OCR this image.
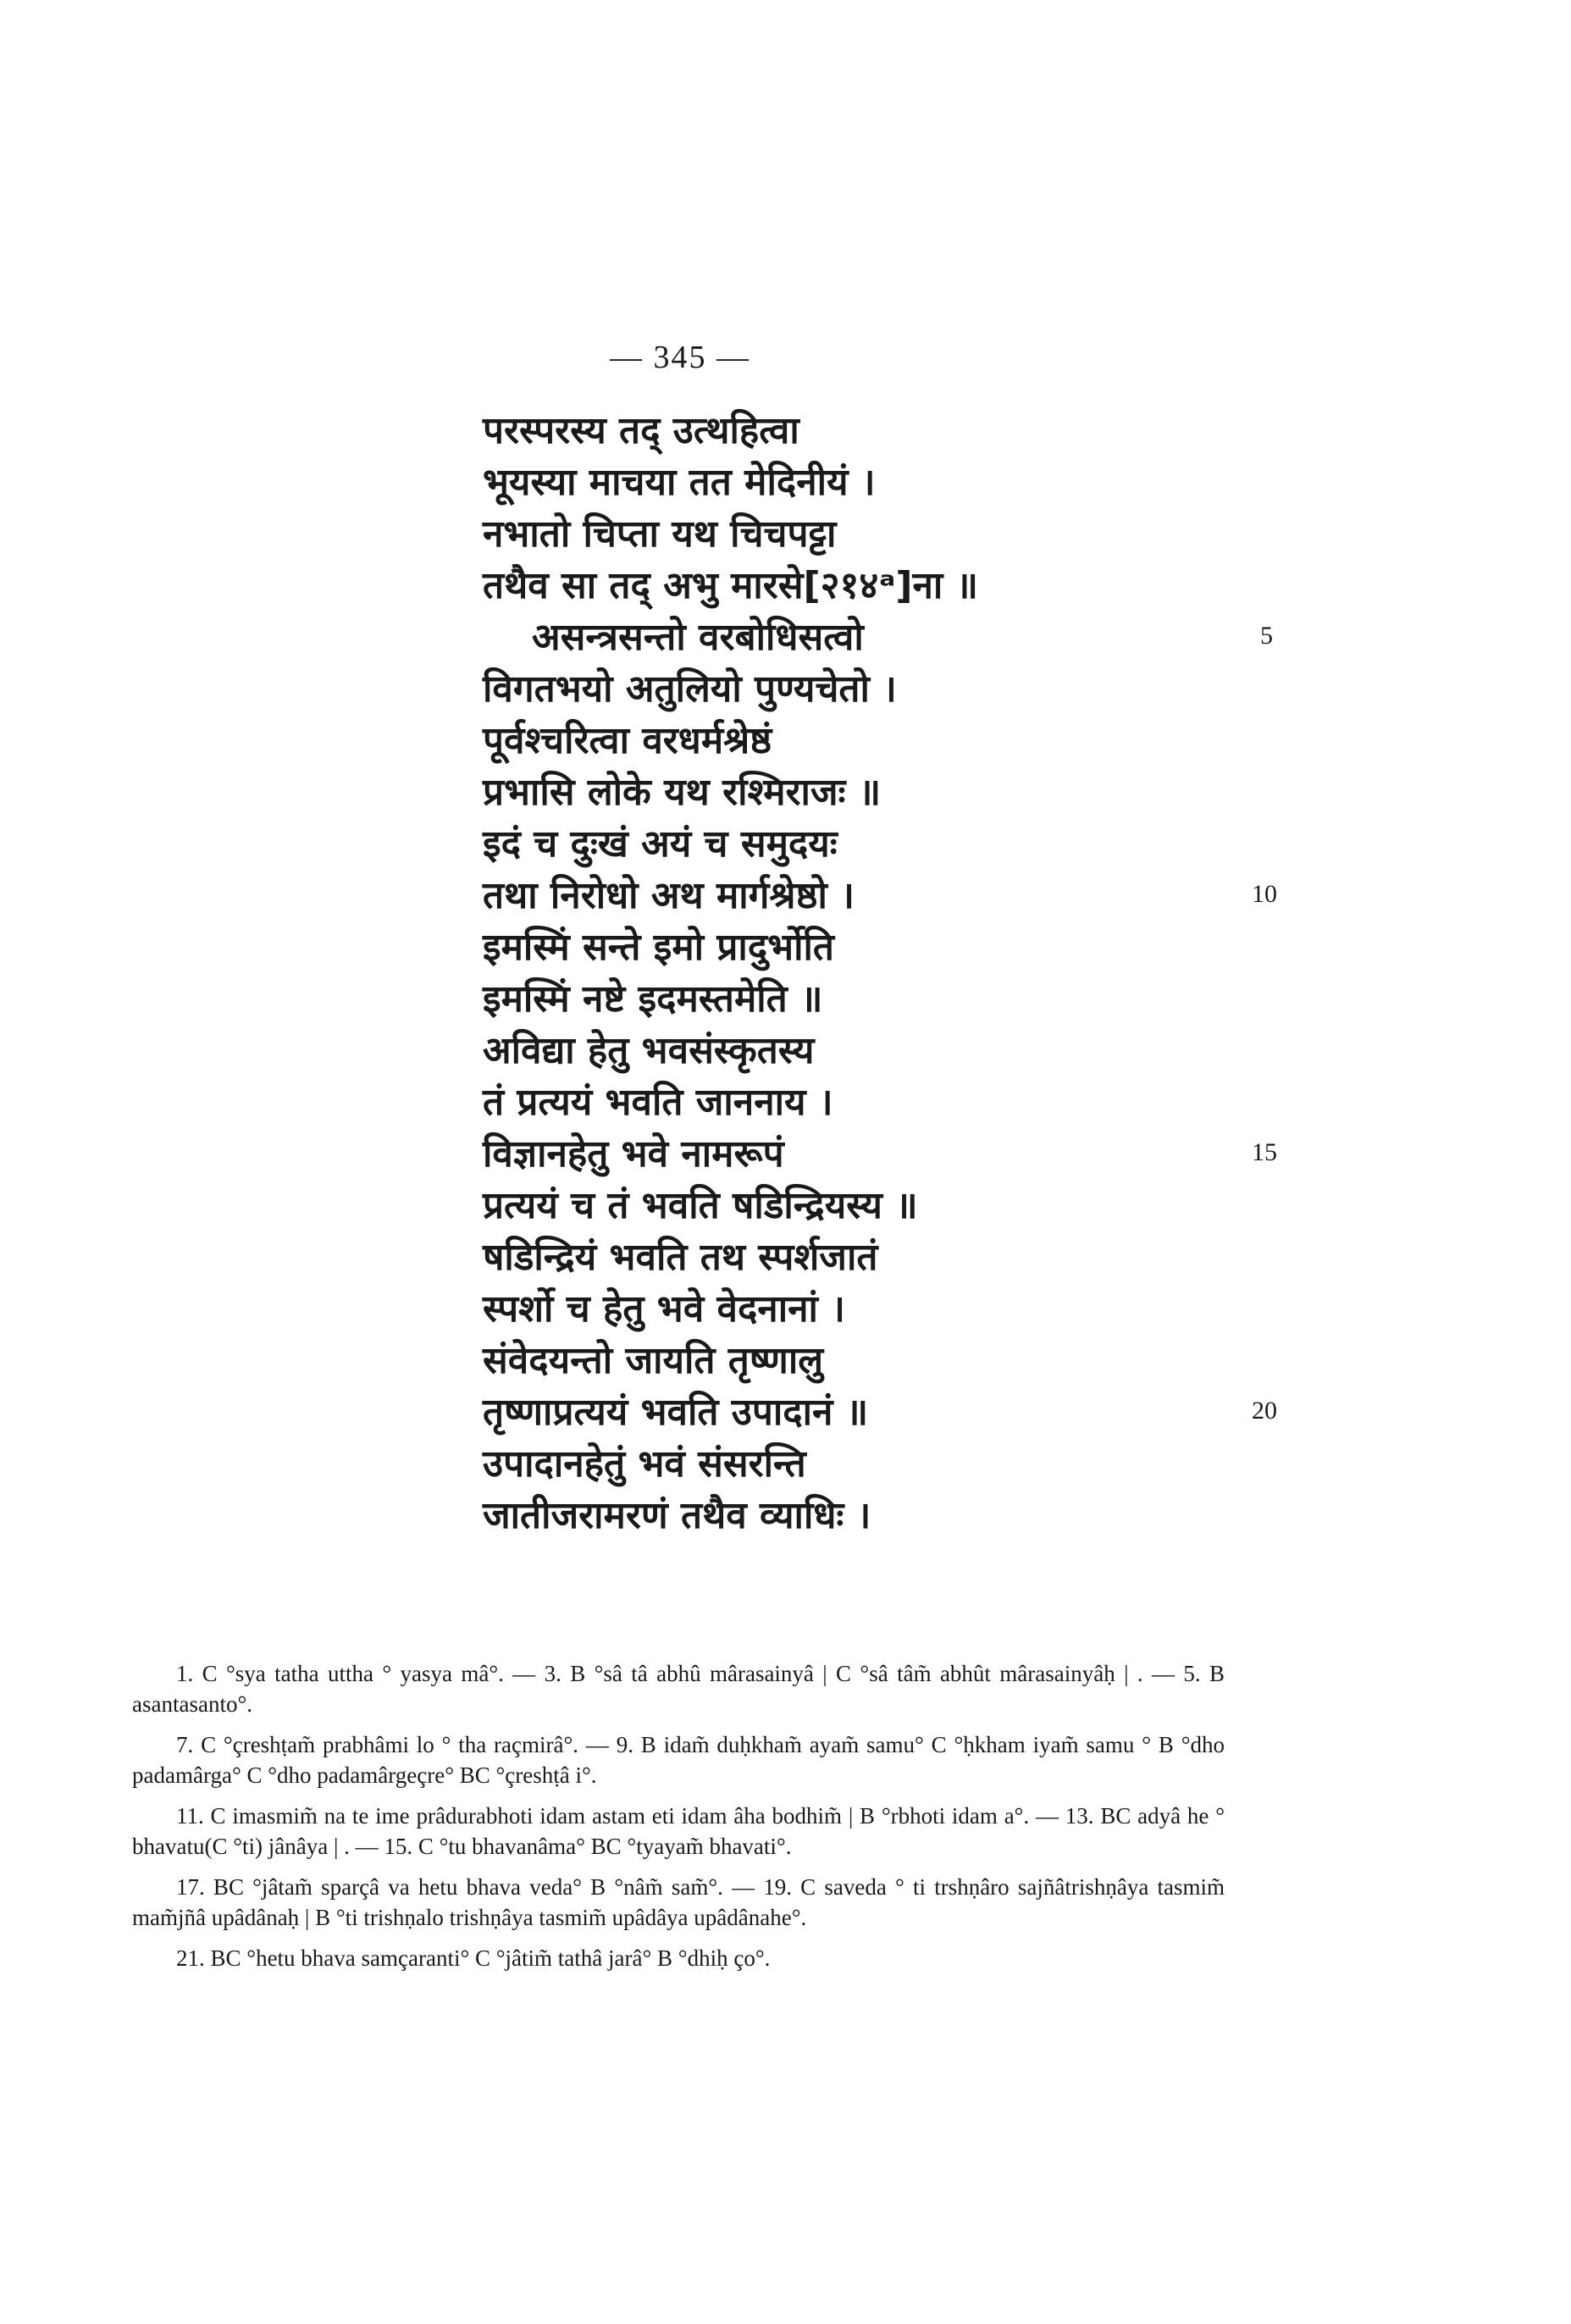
— 345 —
परस्परस्य तद् उत्थहित्वा
भूयस्या माचया तत मेदिनीयं ।
नभातो चिप्ता यथ चिचपट्टा
तथैव सा तद् अभु मारसे[२१४ᵃ]ना ॥
असन्त्रसन्तो वरबोधिसत्वो
विगतभयो अतुलियो पुण्यचेतो ।
पूर्वश्चरित्वा वरधर्मश्रेष्ठं
प्रभासि लोके यथ रश्मिराजः ॥
इदं च दुःखं अयं च समुदयः
तथा निरोधो अथ मार्गश्रेष्ठो ।
इमस्मिं सन्ते इमो प्रादुर्भोति
इमस्मिं नष्टे इदमस्तमेति ॥
अविद्या हेतु भवसंस्कृतस्य
तं प्रत्ययं भवति जाननाय ।
विज्ञानहेतु भवे नामरूपं
प्रत्ययं च तं भवति षडिन्द्रियस्य ॥
षडिन्द्रियं भवति तथ स्पर्शजातं
स्पर्शो च हेतु भवे वेदनानां ।
संवेदयन्तो जायति तृष्णालु
तृष्णाप्रत्ययं भवति उपादानं ॥
उपादानहेतुं भवं संसरन्ति
जातीजरामरणं तथैव व्याधिः ।
5
10
15
20

1. C °sya tatha uttha ° yasya mâ°. — 3. B °sâ tâ abhû mârasainyâ | C °sâ tâm̃ abhût mârasainyâḥ | . — 5. B asantasanto°.

7. C °çreshṭam̃ prabhâmi lo ° tha raçmirâ°. — 9. B idam̃ duḥkham̃ ayam̃ samu° C °ḥkham iyam̃ samu ° B °dho padamârga° C °dho padamârgeçre° BC °çreshṭâ i°.

11. C imasmim̃ na te ime prâdurabhoti idam astam eti idam âha bodhim̃ | B °rbhoti idam a°. — 13. BC adyâ he ° bhavatu(C °ti) jânâya | . — 15. C °tu bhavanâma° BC °tyayam̃ bhavati°.

17. BC °jâtam̃ sparçâ va hetu bhava veda° B °nâm̃ sam̃°. — 19. C saveda ° ti trshṇâro sajñâtrishṇâya tasmim̃ mam̃jñâ upâdânaḥ | B °ti trishṇalo trishṇâya tasmim̃ upâdâya upâdânahe°.

21. BC °hetu bhava samçaranti° C °jâtim̃ tathâ jarâ° B °dhiḥ ço°.
